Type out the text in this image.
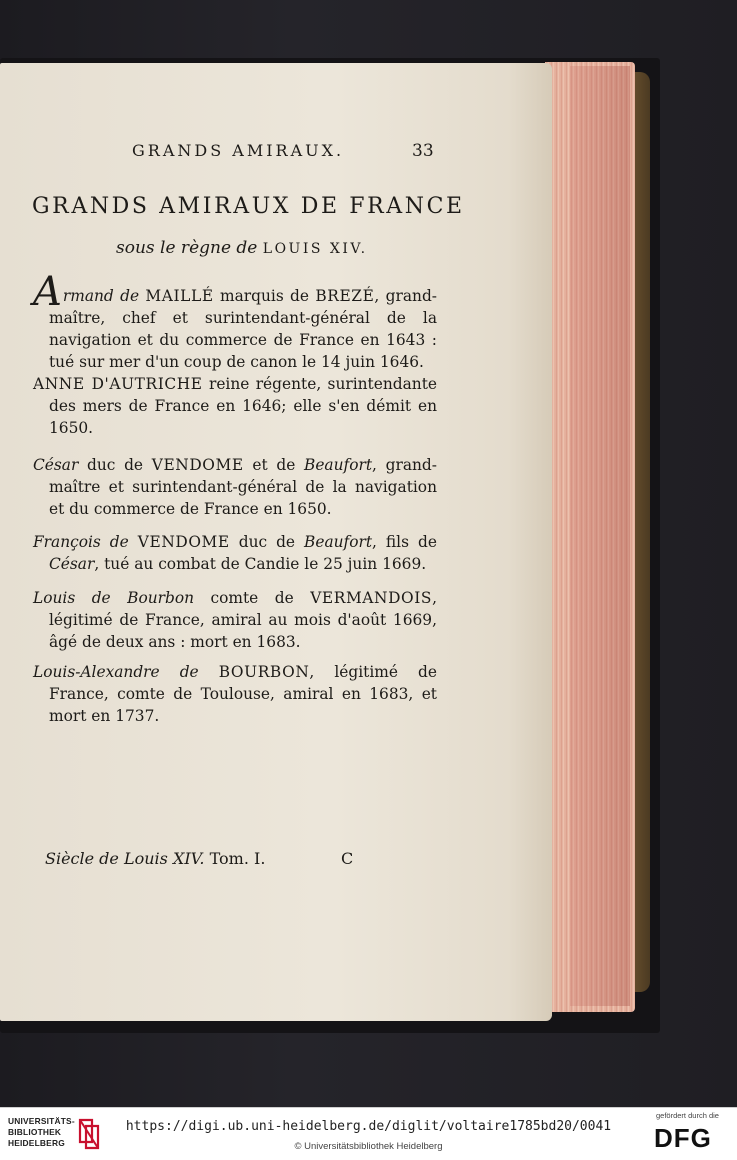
GRANDS AMIRAUX.	33
GRANDS AMIRAUX DE FRANCE
sous le règne de LOUIS XIV.
Armand de MAILLÉ marquis de BREZÉ, grand-maître, chef et surintendant-général de la navigation et du commerce de France en 1643 : tué sur mer d'un coup de canon le 14 juin 1646.
ANNE D'AUTRICHE reine régente, surintendante des mers de France en 1646; elle s'en démit en 1650.
César duc de VENDOME et de Beaufort, grand-maître et surintendant-général de la navigation et du commerce de France en 1650.
François de VENDOME duc de Beaufort, fils de César, tué au combat de Candie le 25 juin 1669.
Louis de Bourbon comte de VERMANDOIS, légitimé de France, amiral au mois d'août 1669, âgé de deux ans : mort en 1683.
Louis-Alexandre de BOURBON, légitimé de France, comte de Toulouse, amiral en 1683, et mort en 1737.
Siècle de Louis XIV. Tom. I.	C
UNIVERSITÄTS-
BIBLIOTHEK
HEIDELBERG
https://digi.ub.uni-heidelberg.de/diglit/voltaire1785bd20/0041
© Universitätsbibliothek Heidelberg
gefördert durch die
DFG
